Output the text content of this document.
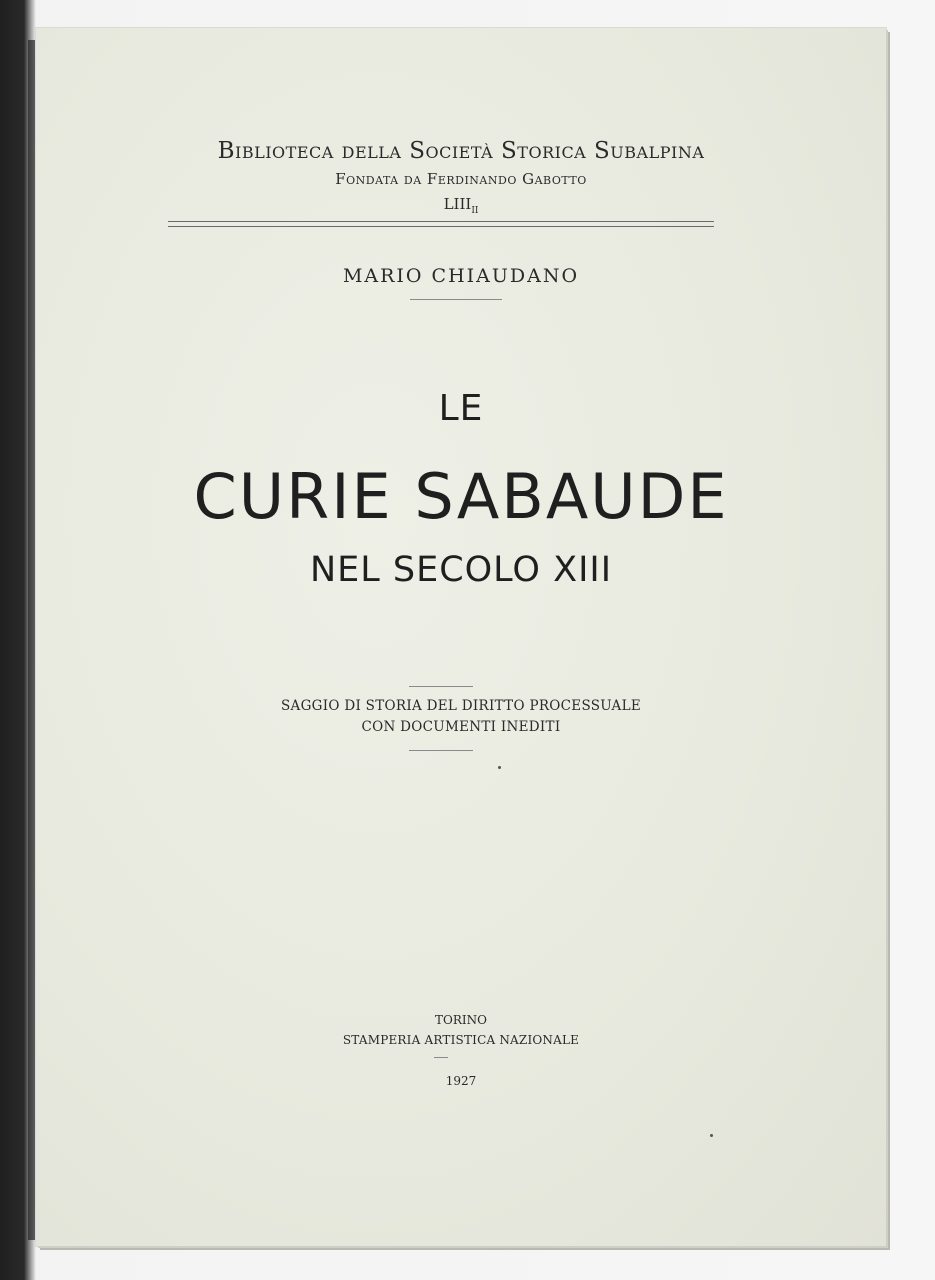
Biblioteca della Società Storica Subalpina
Fondata da Ferdinando Gabotto
$LIII_{II}$
MARIO CHIAUDANO
LE
CURIE SABAUDE
NEL SECOLO XIII
SAGGIO DI STORIA DEL DIRITTO PROCESSUALE
CON DOCUMENTI INEDITI
TORINO
STAMPERIA ARTISTICA NAZIONALE
1927
